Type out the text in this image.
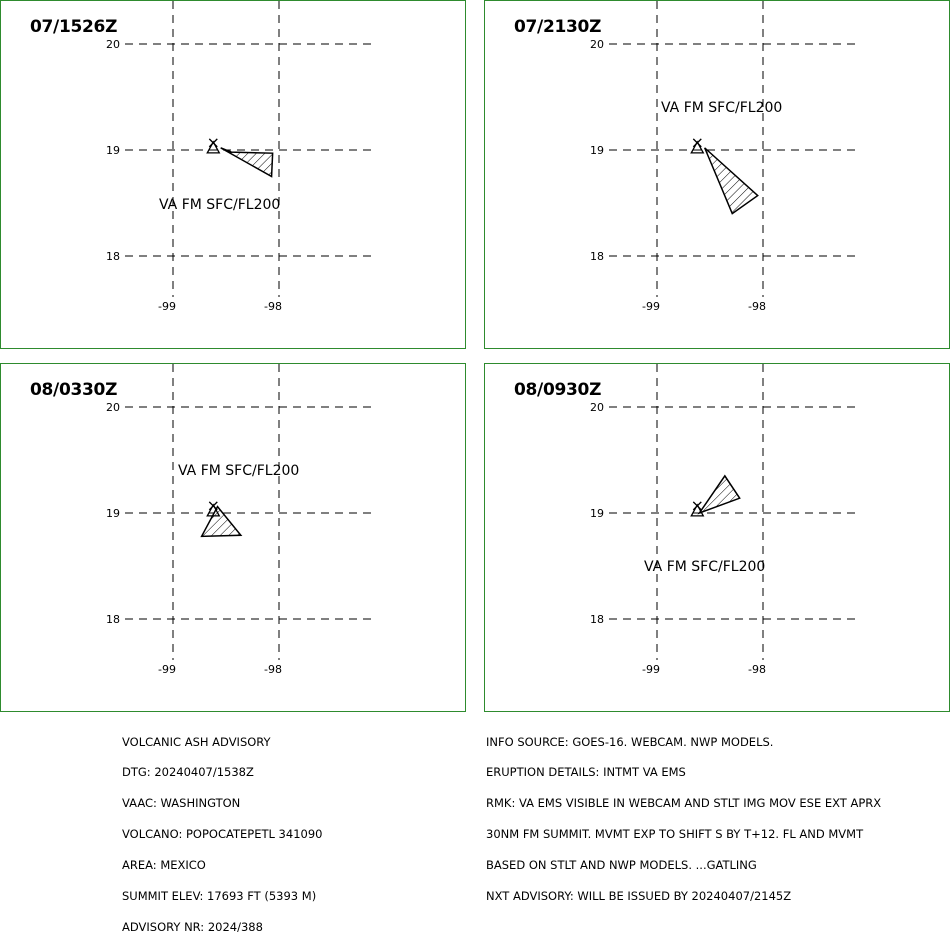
07/1526Z
20
19
18
-99	-98
VA FM SFC/FL200
07/2130Z
20
19
18
-99	-98
VA FM SFC/FL200
08/0330Z
20
19
18
-99	-98
VA FM SFC/FL200
08/0930Z
20
19
18
-99	-98
VA FM SFC/FL200

VOLCANIC ASH ADVISORY

DTG: 20240407/1538Z

VAAC: WASHINGTON

VOLCANO: POPOCATEPETL 341090

AREA: MEXICO

SUMMIT ELEV: 17693 FT (5393 M)

ADVISORY NR: 2024/388

INFO SOURCE: GOES-16. WEBCAM. NWP MODELS.

ERUPTION DETAILS: INTMT VA EMS

RMK: VA EMS VISIBLE IN WEBCAM AND STLT IMG MOV ESE EXT APRX

30NM FM SUMMIT. MVMT EXP TO SHIFT S BY T+12. FL AND MVMT

BASED ON STLT AND NWP MODELS. ...GATLING

NXT ADVISORY: WILL BE ISSUED BY 20240407/2145Z
